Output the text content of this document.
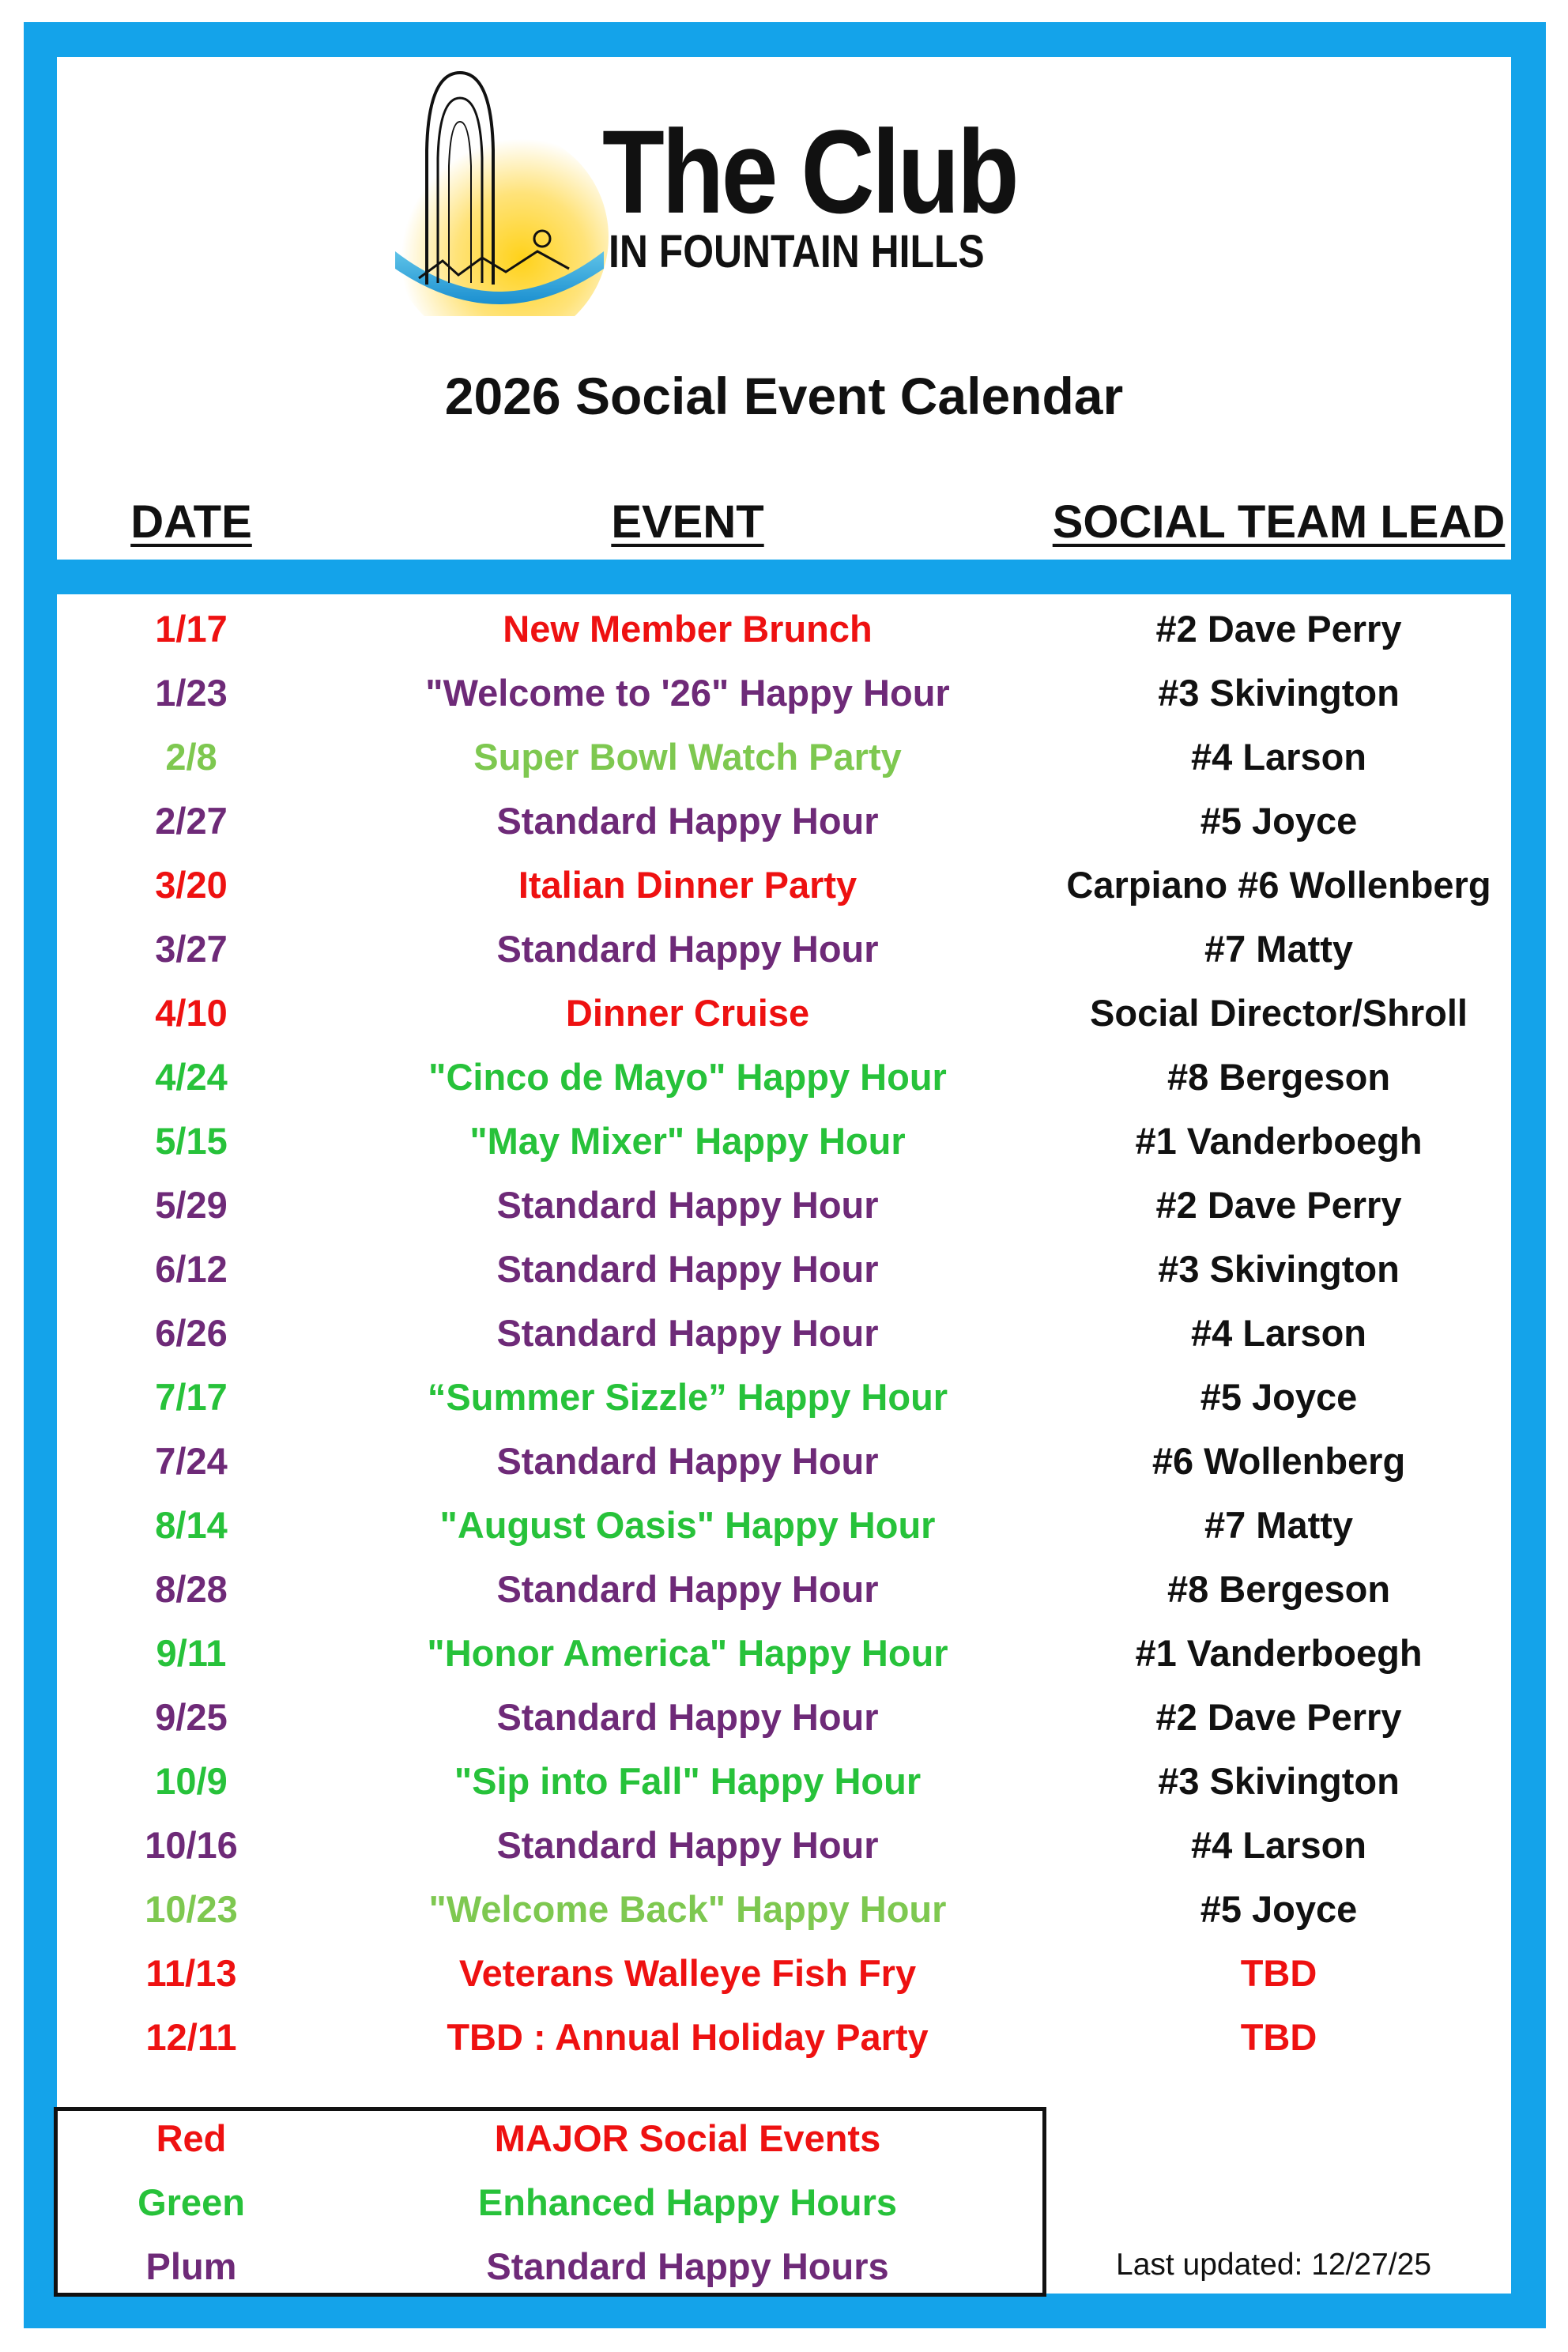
The Club
IN FOUNTAIN HILLS
2026 Social Event Calendar
DATE	EVENT	SOCIAL TEAM LEAD
1/17	New Member Brunch	#2 Dave Perry
1/23	"Welcome to '26" Happy Hour	#3 Skivington
2/8	Super Bowl Watch Party	#4 Larson
2/27	Standard Happy Hour	#5 Joyce
3/20	Italian Dinner Party	Carpiano #6 Wollenberg
3/27	Standard Happy Hour	#7 Matty
4/10	Dinner Cruise	Social Director/Shroll
4/24	"Cinco de Mayo" Happy Hour	#8 Bergeson
5/15	"May Mixer" Happy Hour	#1 Vanderboegh
5/29	Standard Happy Hour	#2 Dave Perry
6/12	Standard Happy Hour	#3 Skivington
6/26	Standard Happy Hour	#4 Larson
7/17	“Summer Sizzle” Happy Hour	#5 Joyce
7/24	Standard Happy Hour	#6 Wollenberg
8/14	"August Oasis" Happy Hour	#7 Matty
8/28	Standard Happy Hour	#8 Bergeson
9/11	"Honor America" Happy Hour	#1 Vanderboegh
9/25	Standard Happy Hour	#2 Dave Perry
10/9	"Sip into Fall" Happy Hour	#3 Skivington
10/16	Standard Happy Hour	#4 Larson
10/23	"Welcome Back" Happy Hour	#5 Joyce
11/13	Veterans Walleye Fish Fry	TBD
12/11	TBD : Annual Holiday Party	TBD
Red	MAJOR Social Events
Green	Enhanced Happy Hours
Plum	Standard Happy Hours	Last updated: 12/27/25
